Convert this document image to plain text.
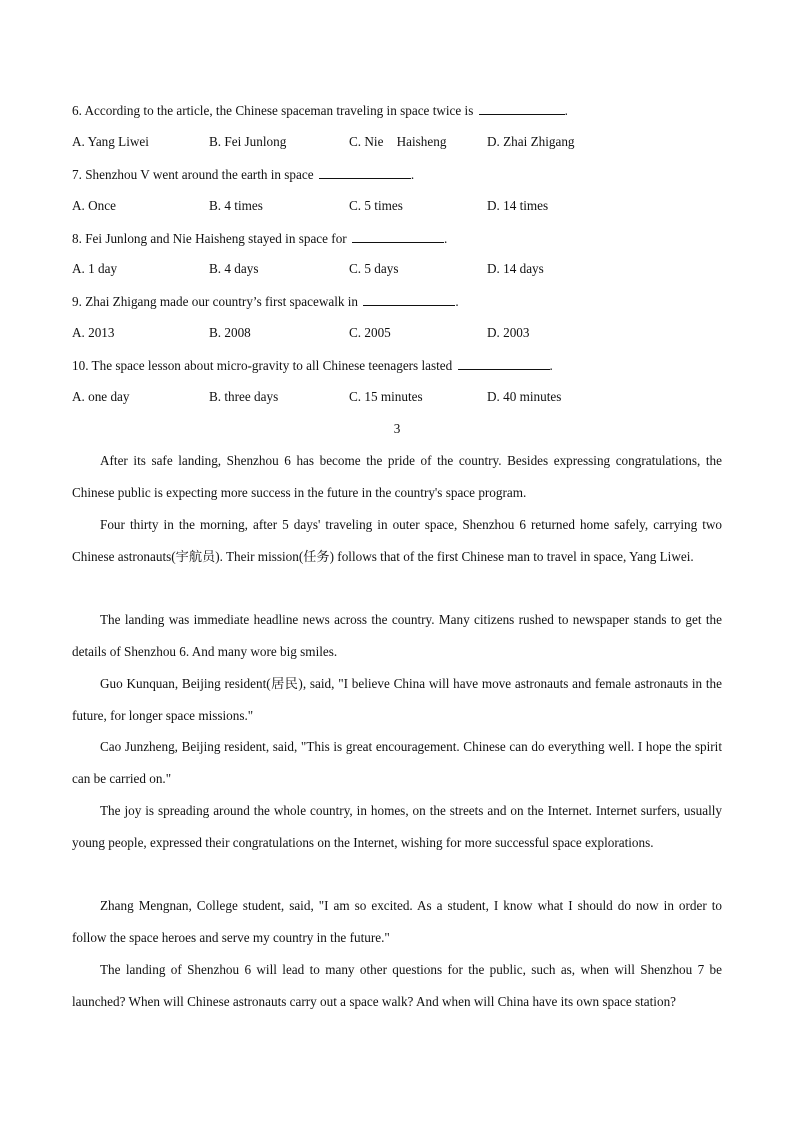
6. According to the article, the Chinese spaceman traveling in space twice is	.
A. Yang Liwei	B. Fei Junlong	C. Nie    Haisheng	D. Zhai Zhigang
7. Shenzhou V went around the earth in space	.
A. Once	B. 4 times	C. 5 times	D. 14 times
8. Fei Junlong and Nie Haisheng stayed in space for	.
A. 1 day	B. 4 days	C. 5 days	D. 14 days
9. Zhai Zhigang made our country’s first spacewalk in	.
A. 2013	B. 2008	C. 2005	D. 2003
10. The space lesson about micro-gravity to all Chinese teenagers lasted	.
A. one day	B. three days	C. 15 minutes	D. 40 minutes
3
After its safe landing, Shenzhou 6 has become the pride of the country. Besides expressing congratulations, the Chinese public is expecting more success in the future in the country's space program.
Four thirty in the morning, after 5 days' traveling in outer space, Shenzhou 6 returned home safely, carrying two Chinese astronauts(宇航员). Their mission(任务) follows that of the first Chinese man to travel in space, Yang Liwei.
The landing was immediate headline news across the country. Many citizens rushed to newspaper stands to get the details of Shenzhou 6. And many wore big smiles.
Guo Kunquan, Beijing resident(居民), said, "I believe China will have move astronauts and female astronauts in the future, for longer space missions."
Cao Junzheng, Beijing resident, said, "This is great encouragement. Chinese can do everything well. I hope the spirit can be carried on."
The joy is spreading around the whole country, in homes, on the streets and on the Internet. Internet surfers, usually young people, expressed their congratulations on the Internet, wishing for more successful space explorations.
Zhang Mengnan, College student, said, "I am so excited. As a student, I know what I should do now in order to follow the space heroes and serve my country in the future."
The landing of Shenzhou 6 will lead to many other questions for the public, such as, when will Shenzhou 7 be launched? When will Chinese astronauts carry out a space walk? And when will China have its own space station?
